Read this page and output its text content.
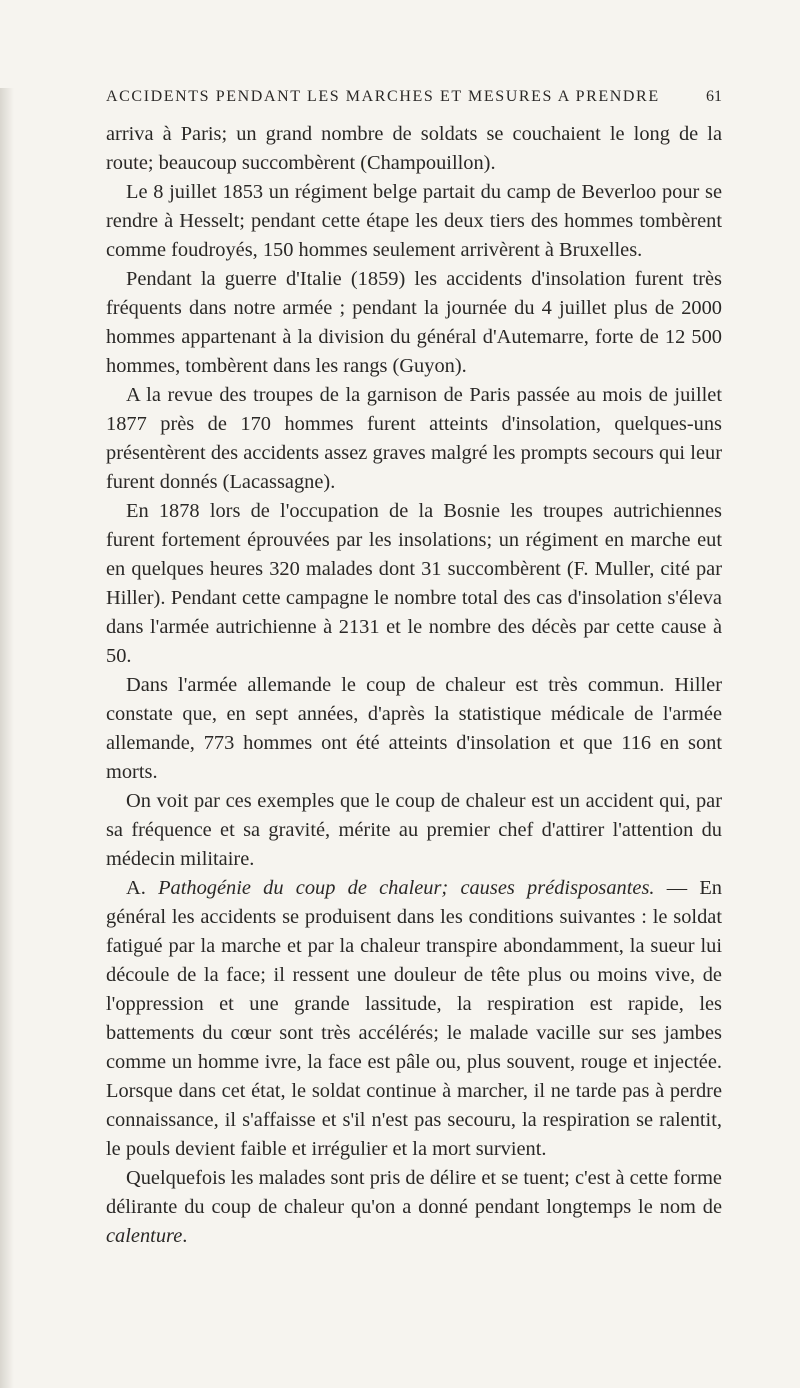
ACCIDENTS PENDANT LES MARCHES ET MESURES A PRENDRE	61

arriva à Paris; un grand nombre de soldats se couchaient le long de la route; beaucoup succombèrent (Champouillon).

Le 8 juillet 1853 un régiment belge partait du camp de Beverloo pour se rendre à Hesselt; pendant cette étape les deux tiers des hommes tombèrent comme foudroyés, 150 hommes seulement arrivèrent à Bruxelles.

Pendant la guerre d'Italie (1859) les accidents d'insolation furent très fréquents dans notre armée ; pendant la journée du 4 juillet plus de 2000 hommes appartenant à la division du général d'Autemarre, forte de 12 500 hommes, tombèrent dans les rangs (Guyon).

A la revue des troupes de la garnison de Paris passée au mois de juillet 1877 près de 170 hommes furent atteints d'insolation, quelques-uns présentèrent des accidents assez graves malgré les prompts secours qui leur furent donnés (Lacassagne).

En 1878 lors de l'occupation de la Bosnie les troupes autrichiennes furent fortement éprouvées par les insolations; un régiment en marche eut en quelques heures 320 malades dont 31 succombèrent (F. Muller, cité par Hiller). Pendant cette campagne le nombre total des cas d'insolation s'éleva dans l'armée autrichienne à 2131 et le nombre des décès par cette cause à 50.

Dans l'armée allemande le coup de chaleur est très commun. Hiller constate que, en sept années, d'après la statistique médicale de l'armée allemande, 773 hommes ont été atteints d'insolation et que 116 en sont morts.

On voit par ces exemples que le coup de chaleur est un accident qui, par sa fréquence et sa gravité, mérite au premier chef d'attirer l'attention du médecin militaire.

A. Pathogénie du coup de chaleur; causes prédisposantes. — En général les accidents se produisent dans les conditions suivantes : le soldat fatigué par la marche et par la chaleur transpire abondamment, la sueur lui découle de la face; il ressent une douleur de tête plus ou moins vive, de l'oppression et une grande lassitude, la respiration est rapide, les battements du cœur sont très accélérés; le malade vacille sur ses jambes comme un homme ivre, la face est pâle ou, plus souvent, rouge et injectée. Lorsque dans cet état, le soldat continue à marcher, il ne tarde pas à perdre connaissance, il s'affaisse et s'il n'est pas secouru, la respiration se ralentit, le pouls devient faible et irrégulier et la mort survient.

Quelquefois les malades sont pris de délire et se tuent; c'est à cette forme délirante du coup de chaleur qu'on a donné pendant longtemps le nom de calenture.
